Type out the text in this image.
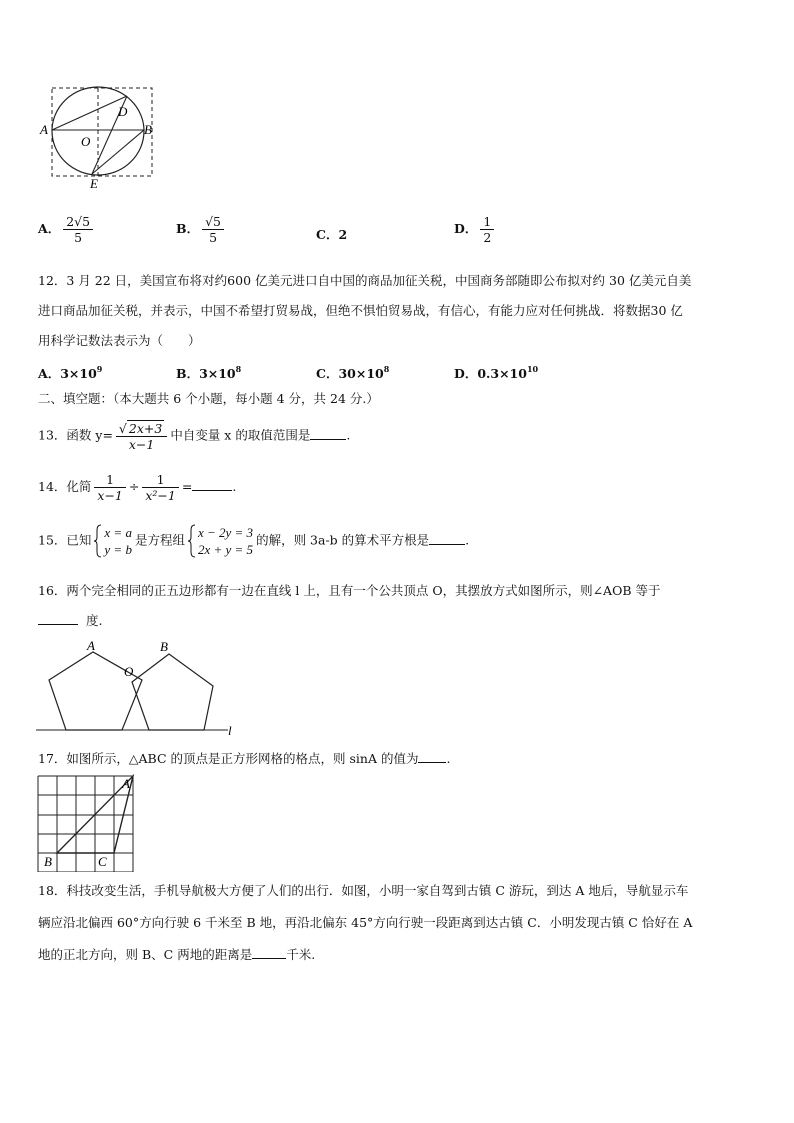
A	B
D
O
E
A． $\frac{2√5}{5}$	B． $\frac{√5}{5}$	C．2	D． $\frac{1}{2}$
12．3 月 22 日，美国宣布将对约600 亿美元进口自中国的商品加征关税，中国商务部随即公布拟对约 30 亿美元自美
进口商品加征关税，并表示，中国不希望打贸易战，但绝不惧怕贸易战，有信心，有能力应对任何挑战．将数据30 亿
用科学记数法表示为（　　）
A．$3\times 10^9$	B．$3\times 10^8$	C．$30\times 10^8$	D．$0.3\times 10^{10}$
二、填空题：（本大题共 6 个小题，每小题 4 分，共 24 分.）
13．函数 $y= \frac{√ 2x+3}{x-1}$ 中自变量 x 的取值范围是	.
14．化简 $\frac{1}{x-1} \div \frac{1}{\text{x²−1}}$ =	.
15．已知 x = a
y = b
是方程组 x − 2y = 3
2x + y = 5
的解，则 3a-b 的算术平方根是	.
16．两个完全相同的正五边形都有一边在直线 l 上，且有一个公共顶点 O，其摆放方式如图所示，则∠AOB 等于
度.
A
O
B
l
17．如图所示，△ABC 的顶点是正方形网格的格点，则 sinA 的值为 .
A
B	C
18．科技改变生活，手机导航极大方便了人们的出行．如图，小明一家自驾到古镇 C 游玩，到达 A 地后，导航显示车
辆应沿北偏西 60°方向行驶 6 千米至 B 地，再沿北偏东 45°方向行驶一段距离到达古镇 C．小明发现古镇 C 恰好在 A
地的正北方向，则 B、C 两地的距离是	千米.
